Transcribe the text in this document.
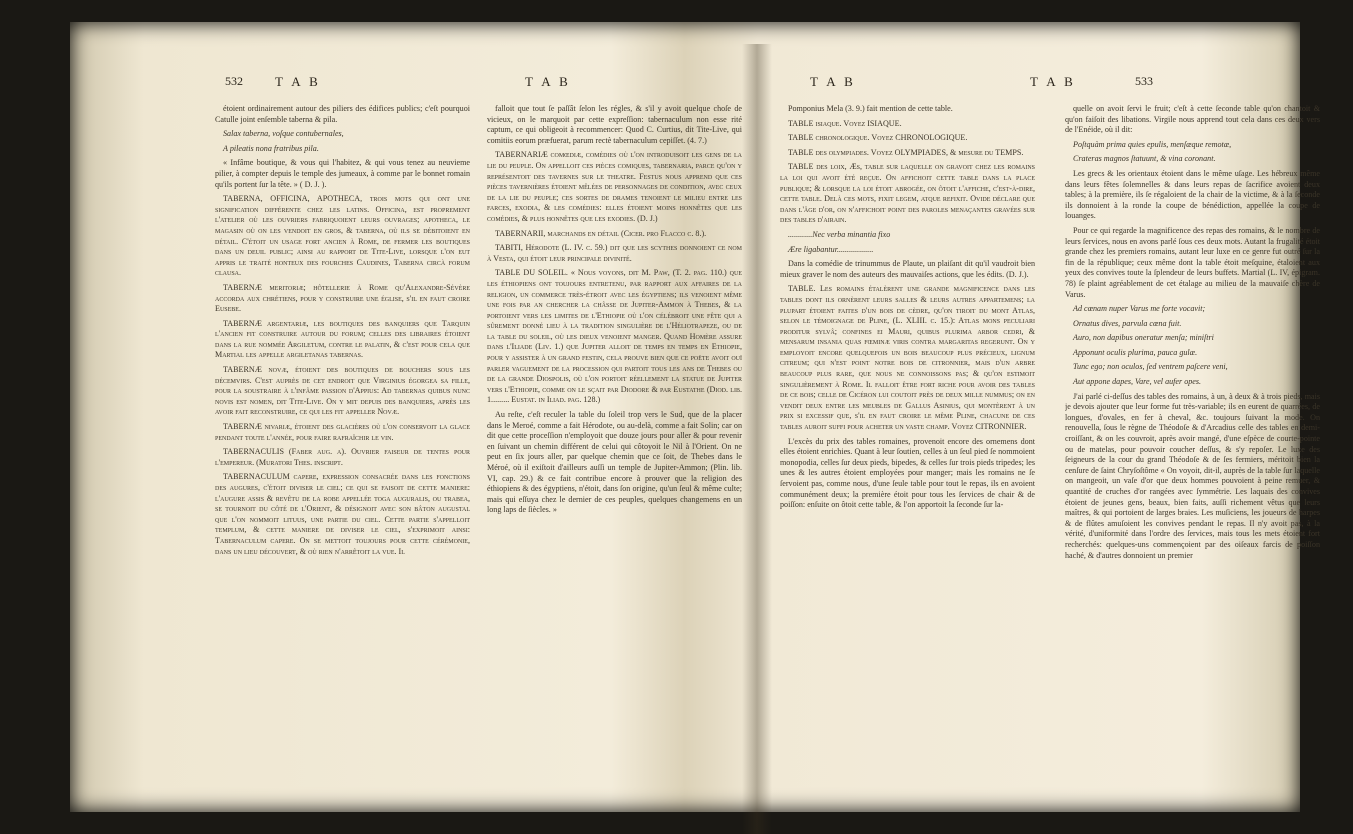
532 T A B	T A B

étoient ordinairement autour des piliers des édifices publics; c'eſt pourquoi Catulle joint enſemble taberna & pila.

Salax taberna, voſque contubernales,

A pileatis nona fratribus pila.

« Infâme boutique, & vous qui l'habitez, & qui vous tenez au neuvieme pilier, à compter depuis le temple des jumeaux, à comme par le bonnet romain qu'ils portent ſur la tête. » ( D. J. ).

TABERNA, OFFICINA, APOTHECA, trois mots qui ont une ſignification différente chez les latins. Officina, eſt proprement l'atelier où les ouvriers fabriquoient leurs ouvrages; apotheca, le magaſin où on les vendoit en gros, & taberna, où ils ſe débitoient en détail. C'étoit un uſage fort ancien à Rome, de fermer les boutiques dans un deuil public; ainſi au rapport de Tite-Live, lorſque l'on eut appris le traité honteux des fourches Caudines, Taberna circà forum clauſa.

TABERNÆ meritoriæ; hôtellerie à Rome qu'Alexandre-Sévère accorda aux chrétiens, pour y conſtruire une égliſe, s'il en faut croire Euſebe.

TABERNÆ argentariæ, les boutiques des banquiers que Tarquin l'ancien fit conſtruire autour du forum; celles des libraires étoient dans la rue nommée Argiletum, contre le palatin, & c'eſt pour cela que Martial les appelle argiletanas tabernas.

TABERNÆ novæ, étoient des boutiques de bouchers ſous les décemvirs. C'eſt auprès de cet endroit que Virginius égorgea ſa fille, pour la ſouſtraire à l'infâme paſſion d'Appius: Ad tabernas quibus nunc novis eſt nomen, dit Tite-Live. On y mit depuis des banquiers, après les avoir fait reconſtruire, ce qui les fit appeller Novæ.

TABERNÆ nivariæ, étoient des glacières où l'on conſervoit la glace pendant toute l'année, pour faire rafraîchir le vin.

TABERNACULIS (Faber aug. a). Ouvrier faiſeur de tentes pour l'empereur. (Muratori Theſ. inſcript.

TABERNACULUM capere, expreſſion conſacrée dans les fonctions des augures, c'étoit diviſer le ciel; ce qui ſe faiſoit de cette maniere: l'augure aſſis & revêtu de la robe appellée toga auguralis, ou trabea, ſe tournoit du côté de l'Orient, & déſignoit avec ſon bâton auguſtal que l'on nommoit lituus, une partie du ciel. Cette partie s'appelloit templum, & cette maniere de diviſer le ciel, s'exprimoit ainſi: Tabernaculum capere. On ſe mettoit toujours pour cette cérémonie, dans un lieu découvert, & où rien n'arrêtoit la vue. Il

falloit que tout ſe paſſât ſelon les régles, & s'il y avoit quelque choſe de vicieux, on le marquoit par cette expreſſion: tabernaculum non esse rité captum, ce qui obligeoit à recommencer: Quod C. Curtius, dit Tite-Live, qui comitiis eorum præfuerat, parum rectè tabernaculum cepiſſet. (4. 7.)

TABERNARIÆ comœdiæ, comédies où l'on introduiſoit les gens de la lie du peuple. On appelloit ces pièces comiques, tabernaria, parce qu'on y repréſentoit des tavernes ſur le theatre. Feſtus nous apprend que ces pièces tavernières étoient mêlées de perſonnages de condition, avec ceux de la lie du peuple; ces ſortes de drames tenoient le milieu entre les farces, exodia, & les comédies: elles étoient moins honnêtes que les comédies, & plus honnêtes que les exodies. (D. J.)

TABERNARII, marchands en détail (Cicer. pro Flacco c. 8.).

TABITI, Hérodote (L. IV. c. 59.) dit que les ſcythes donnoient ce nom à Veſta, qui étoit leur principale divinité.

TABLE DU SOLEIL. « Nous voyons, dit M. Paw, (T. 2. pag. 110.) que les éthiopiens ont toujours entretenu, par rapport aux affaires de la religion, un commerce très-étroit avec les égyptiens; ils venoient même une fois par an chercher la châſſe de Jupiter-Ammon à Thebes, & la portoient vers les limites de l'Ethiopie où l'on célébroit une fête qui a ſûrement donné lieu à la tradition ſingulière de l'Héliotrapeze, ou de la table du ſoleil, où les dieux venoient manger. Quand Homère aſſure dans l'Iliade (Liv. 1.) que Jupiter alloit de temps en temps en Ethiopie, pour y aſſiſter à un grand feſtin, cela prouve bien que ce poëte avoit ouï parler vaguement de la proceſſion qui partoit tous les ans de Thebes ou de la grande Dioſpolis, où l'on portoit réellement la ſtatue de Jupiter vers l'Ethiopie, comme on le ſçait par Diodore & par Euſtathe (Diod. lib. 1......... Euſtat. in Iliad. pag. 128.)

Au reſte, c'eſt reculer la table du ſoleil trop vers le Sud, que de la placer dans le Meroé, comme a fait Hérodote, ou au-delà, comme a fait Solin; car on dit que cette proceſſion n'employoit que douze jours pour aller & pour revenir en ſuivant un chemin différent de celui qui côtoyoit le Nil à l'Orient. On ne peut en ſix jours aller, par quelque chemin que ce ſoit, de Thebes dans le Méroé, où il exiſtoit d'ailleurs auſſi un temple de Jupiter-Ammon; (Plin. lib. VI, cap. 29.) & ce fait contribue encore à prouver que la religion des éthiopiens & des égyptiens, n'étoit, dans ſon origine, qu'un ſeul & même culte; mais qui eſſuya chez le dernier de ces peuples, quelques changemens en un long laps de ſiècles. »

T A B	T A B	533

Pomponius Mela (3. 9.) fait mention de cette table.

TABLE iſiaque. Voyez ISIAQUE.

TABLE chronologique. Voyez CHRONOLOGIQUE.

TABLE des olympiades. Voyez OLYMPIADES, & meſure du TEMPS.

TABLE des loix, Æs, table ſur laquelle on gravoit chez les romains la loi qui avoit été reçue. On affichoit cette table dans la place publique; & lorſque la loi étoit abrogée, on ôtoit l'affiche, c'eſt-à-dire, cette table. Delà ces mots, fixit legem, atque refixit. Ovide déclare que dans l'âge d'or, on n'affichoit point des paroles menaçantes gravées ſur des tables d'airain.

............Nec verba minantia fixo

Ære ligabantur..................

Dans la comédie de trinummus de Plaute, un plaiſant dit qu'il vaudroit bien mieux graver le nom des auteurs des mauvaiſes actions, que les édits. (D. J.).

TABLE. Les romains étalèrent une grande magnificence dans les tables dont ils ornèrent leurs ſalles & leurs autres appartemens; la plupart étoient faites d'un bois de cèdre, qu'on tiroit du mont Atlas, ſelon le témoignage de Pline, (L. XLIII. c. 15.): Atlas mons peculiari proditur ſylvâ; confines ei Mauri, quibus plurima arbor cedri, & menſarum inſania quas fœminæ viris contra margaritas regerunt. On y employoit encore quelquefois un bois beaucoup plus précieux, lignum citreum; qui n'eſt point notre bois de citronnier, mais d'un arbre beaucoup plus rare, que nous ne connoiſſons pas; & qu'on eſtimoit ſingulièrement à Rome. Il falloit être fort riche pour avoir des tables de ce bois; celle de Cicéron lui coutoit près de deux mille nummus; on en vendit deux entre les meubles de Gallus Aſinius, qui montèrent à un prix ſi exceſſif que, s'il en faut croire le même Pline, chacune de ces tables auroit ſuffi pour acheter un vaſte champ. Voyez CITRONNIER.

L'excès du prix des tables romaines, provenoit encore des ornemens dont elles étoient enrichies. Quant à leur ſoutien, celles à un ſeul pied ſe nommoient monopodia, celles ſur deux pieds, bipedes, & celles ſur trois pieds tripedes; les unes & les autres étoient employées pour manger; mais les romains ne ſe ſervoient pas, comme nous, d'une ſeule table pour tout le repas, ils en avoient communément deux; la première étoit pour tous les ſervices de chair & de poiſſon: enſuite on ôtoit cette table, & l'on apportoit la ſeconde ſur la-

quelle on avoit ſervi le fruit; c'eſt à cette ſeconde table qu'on chantoit & qu'on faiſoit des libations. Virgile nous apprend tout cela dans ces deux vers de l'Enéide, où il dit:

Poſtquàm prima quies epulis, menſæque remotæ,

Crateras magnos ſtatuunt, & vina coronant.

Les grecs & les orientaux étoient dans le même uſage. Les hébreux même dans leurs fêtes ſolemnelles & dans leurs repas de ſacrifice avoient deux tables; à la première, ils ſe régaloient de la chair de la victime, & à la ſeconde ils donnoient à la ronde la coupe de bénédiction, appellée la coupe de louanges.

Pour ce qui regarde la magnificence des repas des romains, & le nombre de leurs ſervices, nous en avons parlé ſous ces deux mots. Autant la frugalité étoit grande chez les premiers romains, autant leur luxe en ce genre fut outré ſur la fin de la république; ceux même dont la table étoit meſquine, étaloient aux yeux des convives toute la ſplendeur de leurs buffets. Martial (L. IV, épigram. 78) ſe plaint agréablement de cet étalage au milieu de la mauvaiſe chère de Varus.

Ad cœnam nuper Varus me forte vocavit;

Ornatus dives, parvula cœna fuit.

Auro, non dapibus oneratur menſa; miniſtri

Apponunt oculis plurima, pauca gulæ.

Tunc ego; non oculos, ſed ventrem paſcere veni,

Aut appone dapes, Vare, vel aufer opes.

J'ai parlé ci-deſſus des tables des romains, à un, à deux & à trois pieds, mais je devois ajouter que leur forme fut très-variable; ils en eurent de quarrées, de longues, d'ovales, en fer à cheval, &c. toujours ſuivant la mode. On renouvella, ſous le règne de Théodoſe & d'Arcadius celle des tables en demi-croiſſant, & on les couvroit, après avoir mangé, d'une eſpèce de courte-pointe ou de matelas, pour pouvoir coucher deſſus, & s'y repoſer. Le luxe des ſeigneurs de la cour du grand Théodoſe & de ſes fermiers, méritoit bien la cenſure de ſaint Chryſoſtôme « On voyoit, dit-il, auprès de la table ſur laquelle on mangeoit, un vaſe d'or que deux hommes pouvoient à peine remuer, & quantité de cruches d'or rangées avec ſymmétrie. Les laquais des convives étoient de jeunes gens, beaux, bien faits, auſſi richement vêtus que leurs maîtres, & qui portoient de larges braies. Les muſiciens, les joueurs de harpes & de flûtes amuſoient les convives pendant le repas. Il n'y avoit pas, à la vérité, d'uniformité dans l'ordre des ſervices, mais tous les mets étoient fort recherchés: quelques-uns commençoient par des oiſeaux farcis de poiſſon haché, & d'autres donnoient un premier
